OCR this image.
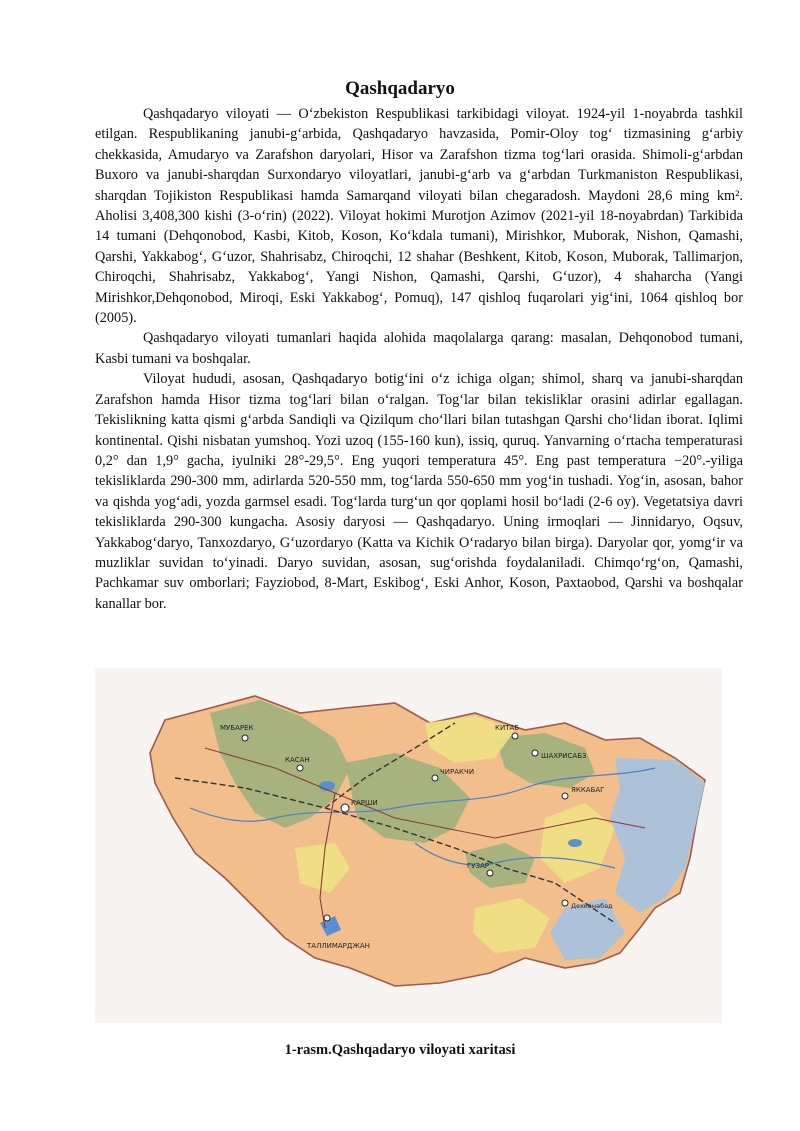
Qashqadaryo

Qashqadaryo viloyati — O‘zbekiston Respublikasi tarkibidagi viloyat. 1924-yil 1-noyabrda tashkil etilgan. Respublikaning janubi-g‘arbida, Qashqadaryo havzasida, Pomir-Oloy tog‘ tizmasining g‘arbiy chekkasida, Amudaryo va Zarafshon daryolari, Hisor va Zarafshon tizma tog‘lari orasida. Shimoli-g‘arbdan Buxoro va janubi-sharqdan Surxondaryo viloyatlari, janubi-g‘arb va g‘arbdan Turkmaniston Respublikasi, sharqdan Tojikiston Respublikasi hamda Samarqand viloyati bilan chegaradosh. Maydoni 28,6 ming km². Aholisi 3,408,300 kishi (3-o‘rin) (2022). Viloyat hokimi Murotjon Azimov (2021-yil 18-noyabrdan) Tarkibida 14 tumani (Dehqonobod, Kasbi, Kitob, Koson, Ko‘kdala tumani), Mirishkor, Muborak, Nishon, Qamashi, Qarshi, Yakkabog‘, G‘uzor, Shahrisabz, Chiroqchi, 12 shahar (Beshkent, Kitob, Koson, Muborak, Tallimarjon, Chiroqchi, Shahrisabz, Yakkabog‘, Yangi Nishon, Qamashi, Qarshi, G‘uzor), 4 shaharcha (Yangi Mirishkor,Dehqonobod, Miroqi, Eski Yakkabog‘, Pomuq), 147 qishloq fuqarolari yig‘ini, 1064 qishloq bor (2005).

Qashqadaryo viloyati tumanlari haqida alohida maqolalarga qarang: masalan, Dehqonobod tumani, Kasbi tumani va boshqalar.

Viloyat hududi, asosan, Qashqadaryo botig‘ini o‘z ichiga olgan; shimol, sharq va janubi-sharqdan Zarafshon hamda Hisor tizma tog‘lari bilan o‘ralgan. Tog‘lar bilan tekisliklar orasini adirlar egallagan. Tekislikning katta qismi g‘arbda Sandiqli va Qizilqum cho‘llari bilan tutashgan Qarshi cho‘lidan iborat. Iqlimi kontinental. Qishi nisbatan yumshoq. Yozi uzoq (155-160 kun), issiq, quruq. Yanvarning o‘rtacha temperaturasi 0,2° dan 1,9° gacha, iyulniki 28°-29,5°. Eng yuqori temperatura 45°. Eng past temperatura −20°.-yiliga tekisliklarda 290-300 mm, adirlarda 520-550 mm, tog‘larda 550-650 mm yog‘in tushadi. Yog‘in, asosan, bahor va qishda yog‘adi, yozda garmsel esadi. Tog‘larda turg‘un qor qoplami hosil bo‘ladi (2-6 oy). Vegetatsiya davri tekisliklarda 290-300 kungacha. Asosiy daryosi — Qashqadaryo. Uning irmoqlari — Jinnidaryo, Oqsuv, Yakkabog‘daryo, Tanxozdaryo, G‘uzordaryo (Katta va Kichik O‘radaryo bilan birga). Daryolar qor, yomg‘ir va muzliklar suvidan to‘yinadi. Daryo suvidan, asosan, sug‘orishda foydalaniladi. Chimqo‘rg‘on, Qamashi, Pachkamar suv omborlari; Fayziobod, 8-Mart, Eskibog‘, Eski Anhor, Koson, Paxtaobod, Qarshi va boshqalar kanallar bor.

МУБАРЕК
КАСАН
КАРШИ
ШАХРИСАБЗ
КИТАБ
ГУЗАР
ТАЛЛИМАРДЖАН
Дехканабад
ЧИРАКЧИ
ЯККАБАГ
1-rasm.Qashqadaryo viloyati xaritasi
